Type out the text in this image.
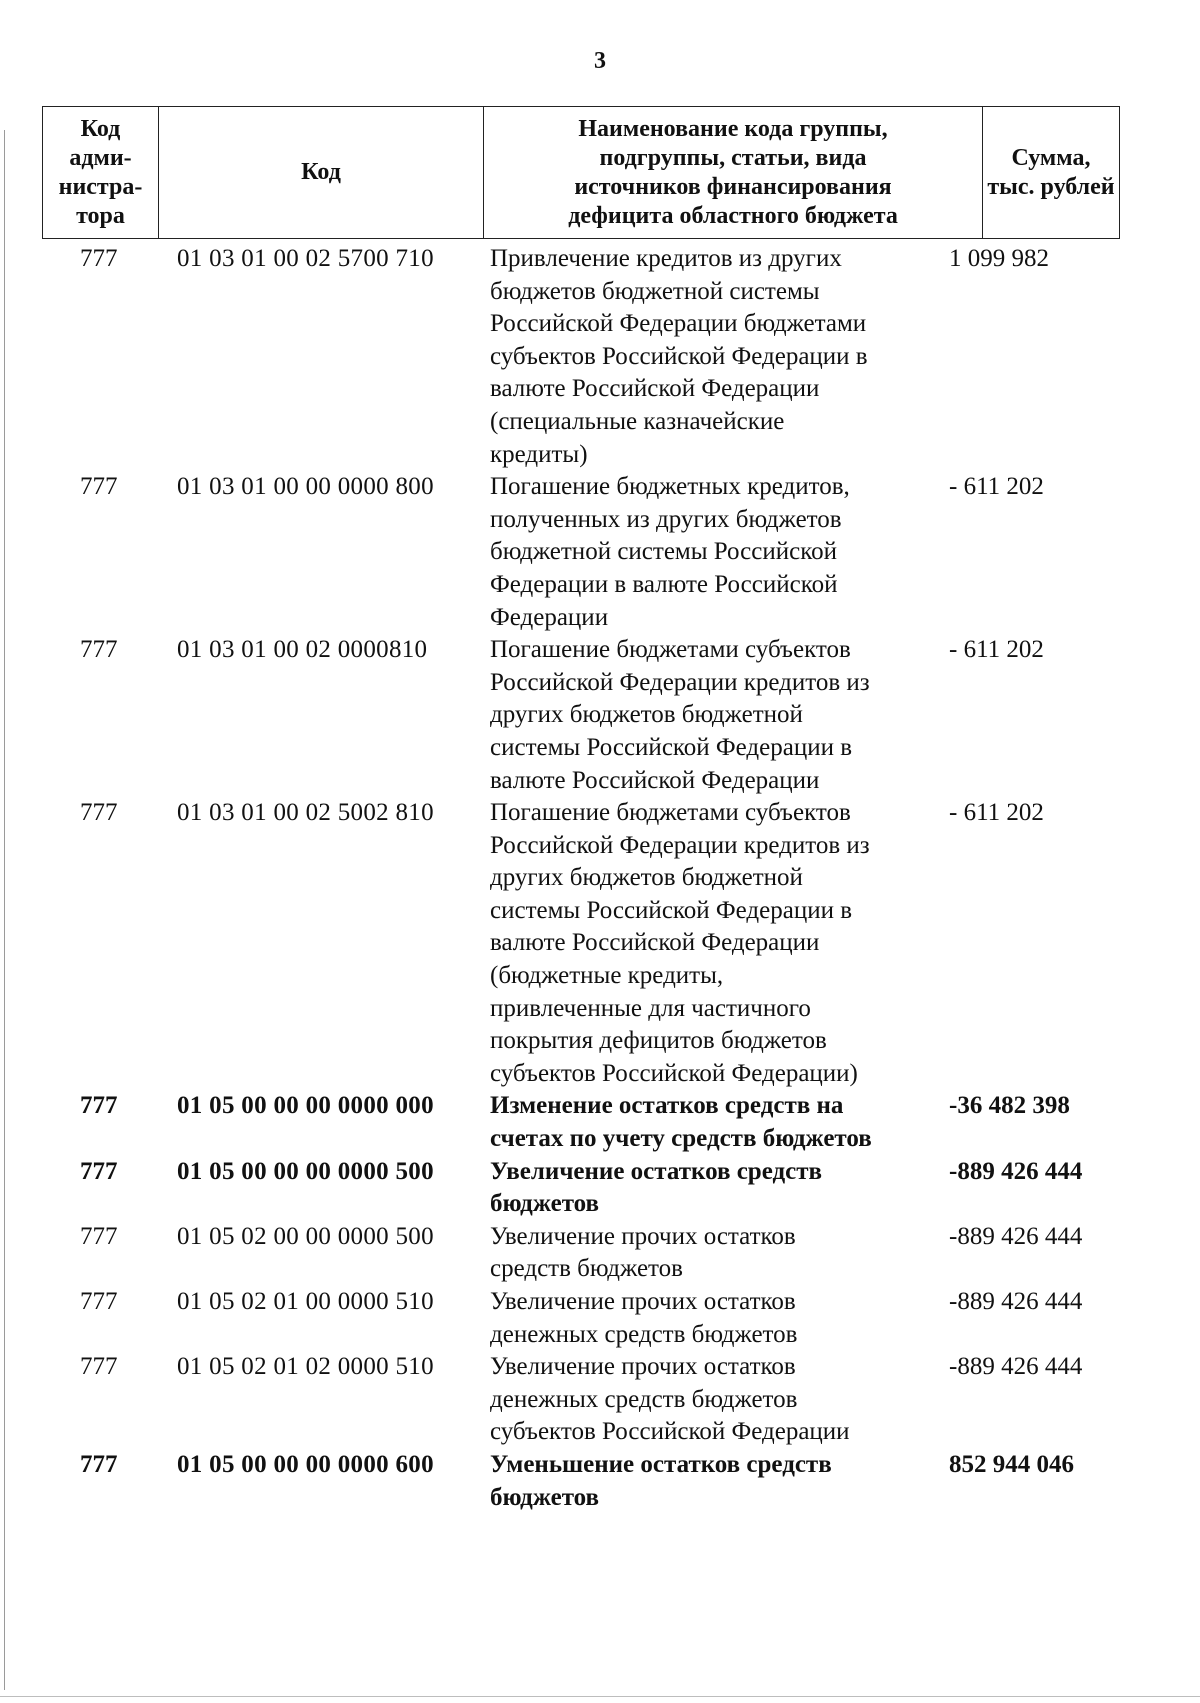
3
Код
адми-
нистра-
тора
Код
Наименование кода группы,
подгруппы, статьи, вида
источников финансирования
дефицита областного бюджета
Сумма,
тыс. рублей
777 01 03 01 00 02 5700 710 Привлечение кредитов из других
бюджетов бюджетной системы
Российской Федерации бюджетами
субъектов Российской Федерации в
валюте Российской Федерации
(специальные казначейские
кредиты)
1 099 982
777 01 03 01 00 00 0000 800 Погашение бюджетных кредитов,
полученных из других бюджетов
бюджетной системы Российской
Федерации в валюте Российской
Федерации
- 611 202
777 01 03 01 00 02 0000810	Погашение бюджетами субъектов
Российской Федерации кредитов из
других бюджетов бюджетной
системы Российской Федерации в
валюте Российской Федерации
- 611 202
777 01 03 01 00 02 5002 810 Погашение бюджетами субъектов
Российской Федерации кредитов из
других бюджетов бюджетной
системы Российской Федерации в
валюте Российской Федерации
(бюджетные кредиты,
привлеченные для частичного
покрытия дефицитов бюджетов
субъектов Российской Федерации)
- 611 202
777 01 05 00 00 00 0000 000 Изменение остатков средств на
счетах по учету средств бюджетов
-36 482 398
777 01 05 00 00 00 0000 500 Увеличение остатков средств
бюджетов
-889 426 444
777 01 05 02 00 00 0000 500 Увеличение прочих остатков
средств бюджетов
-889 426 444
777 01 05 02 01 00 0000 510 Увеличение прочих остатков
денежных средств бюджетов
-889 426 444
777 01 05 02 01 02 0000 510 Увеличение прочих остатков
денежных средств бюджетов
субъектов Российской Федерации
-889 426 444
777 01 05 00 00 00 0000 600 Уменьшение остатков средств
бюджетов
852 944 046
